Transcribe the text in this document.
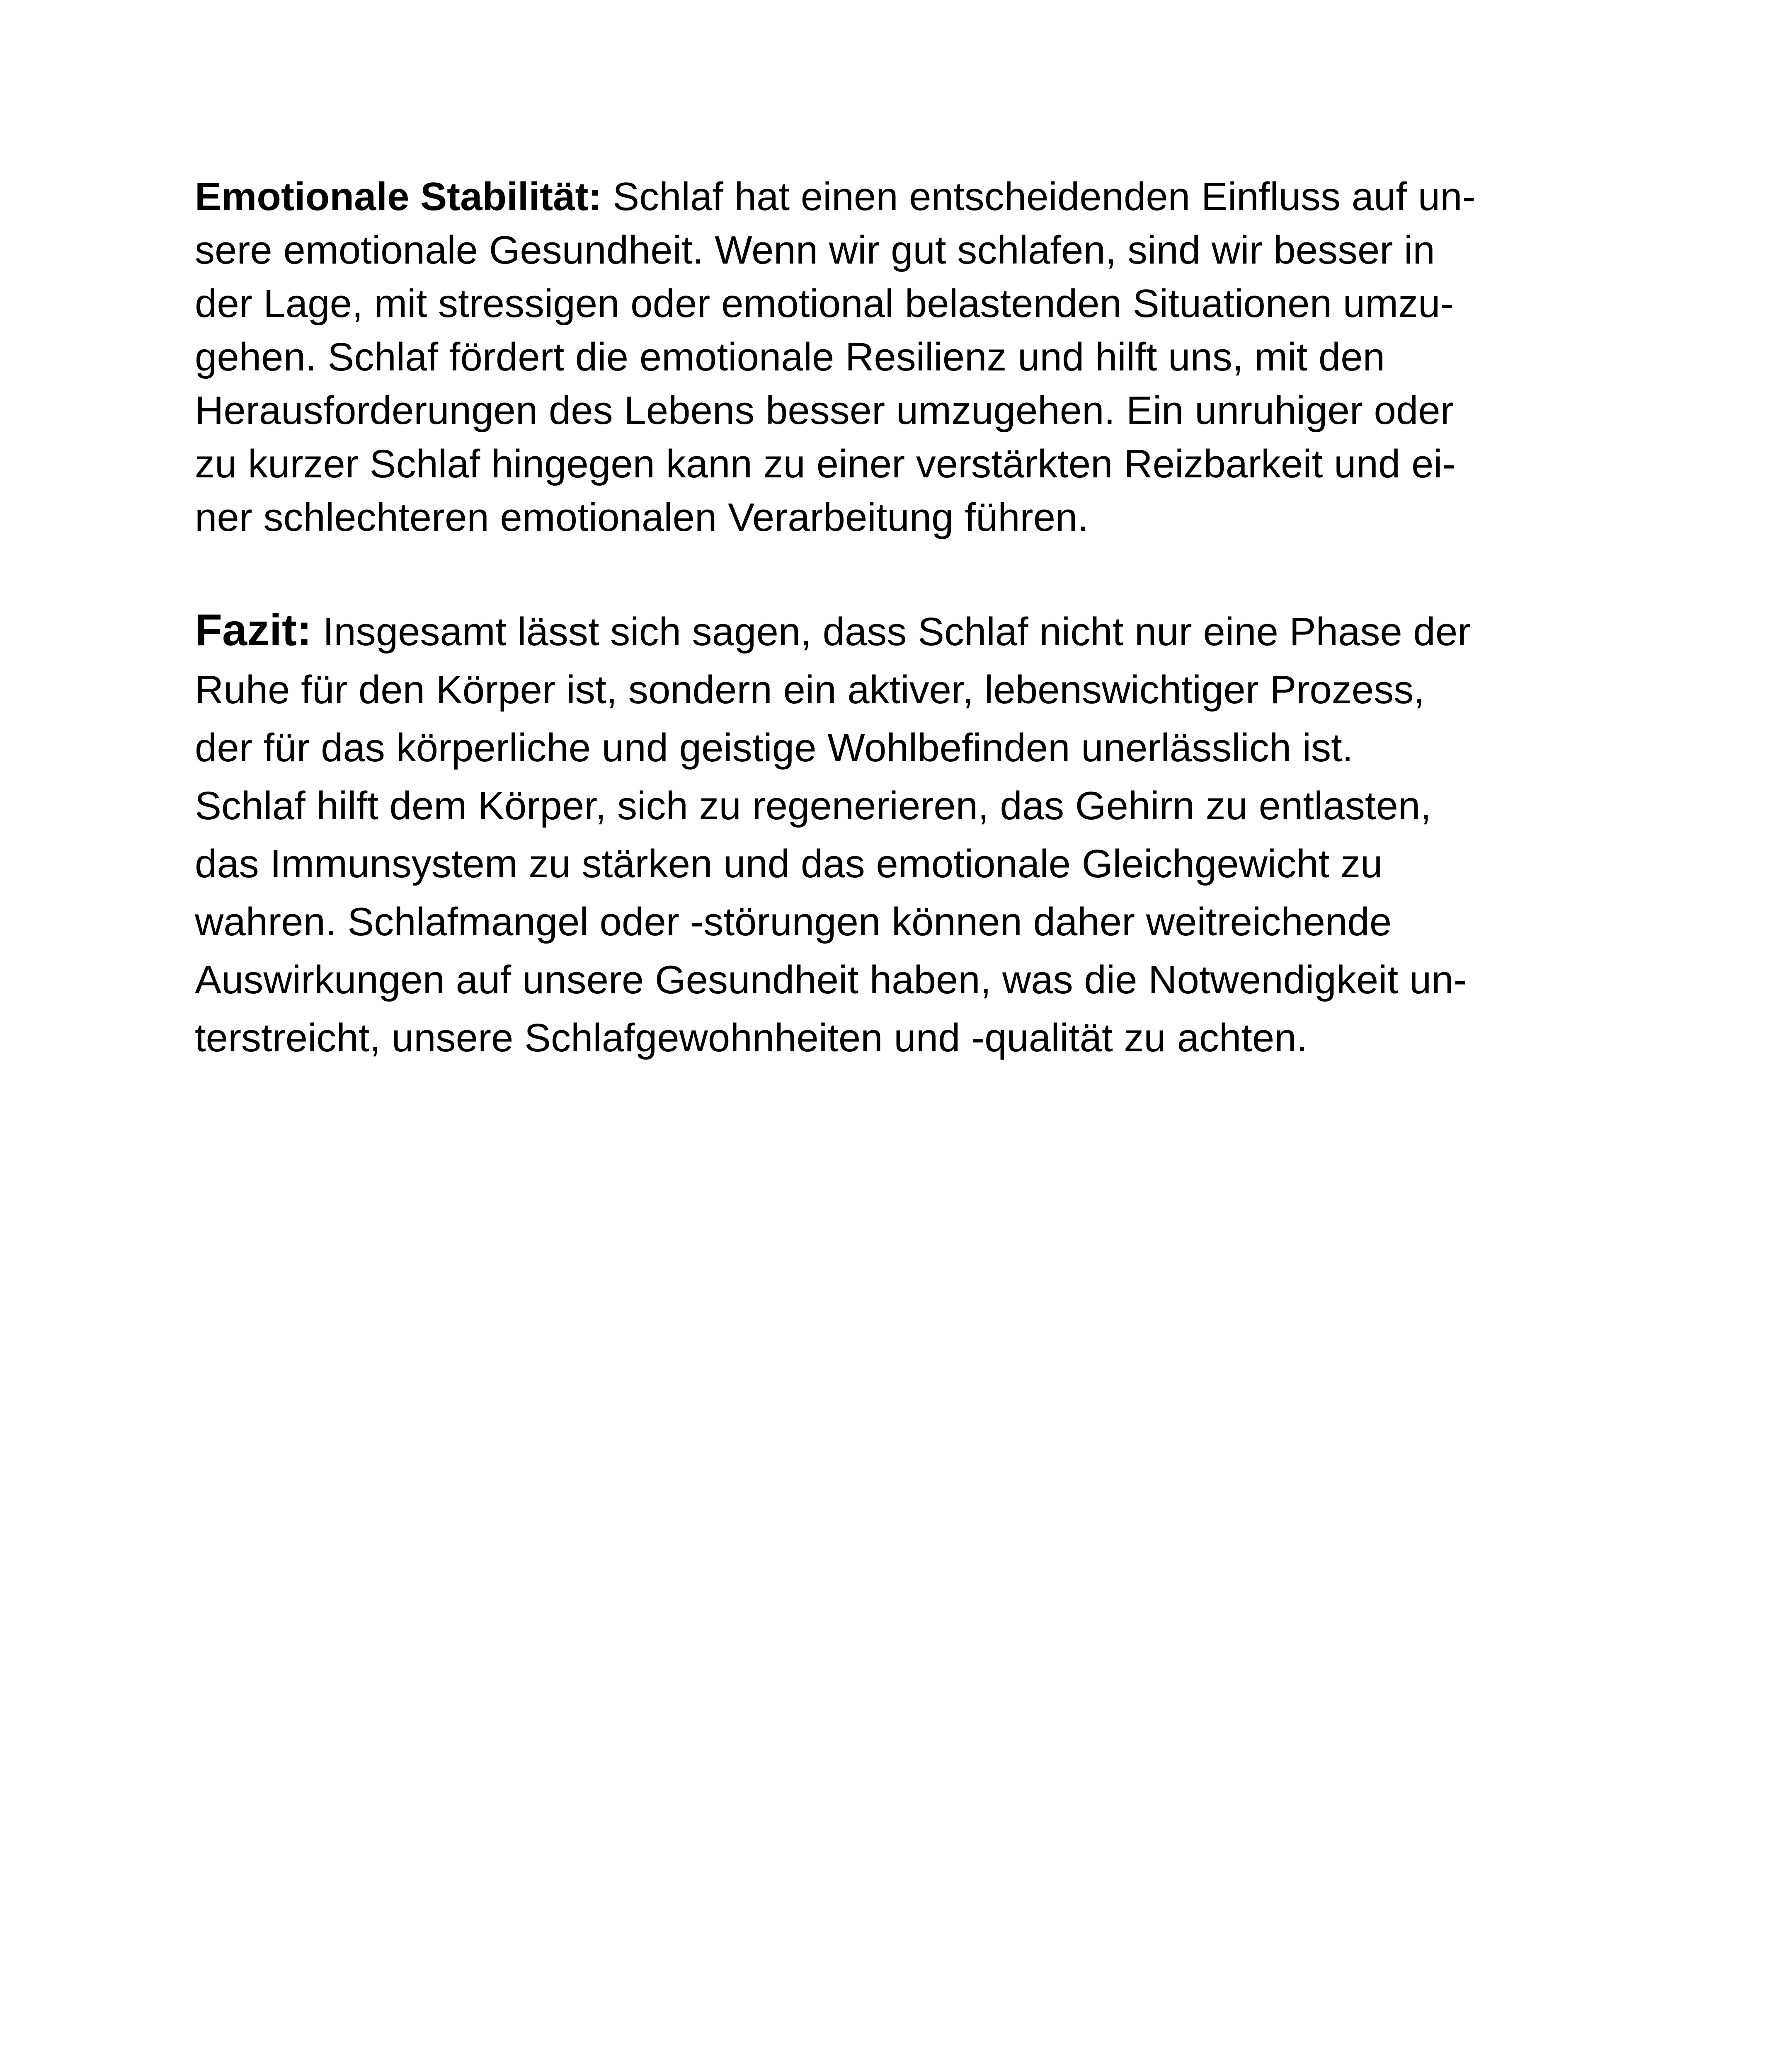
Emotionale Stabilität: Schlaf hat einen entscheidenden Einfluss auf un-
sere emotionale Gesundheit. Wenn wir gut schlafen, sind wir besser in
der Lage, mit stressigen oder emotional belastenden Situationen umzu-
gehen. Schlaf fördert die emotionale Resilienz und hilft uns, mit den
Herausforderungen des Lebens besser umzugehen. Ein unruhiger oder
zu kurzer Schlaf hingegen kann zu einer verstärkten Reizbarkeit und ei-
ner schlechteren emotionalen Verarbeitung führen.
Fazit: Insgesamt lässt sich sagen, dass Schlaf nicht nur eine Phase der
Ruhe für den Körper ist, sondern ein aktiver, lebenswichtiger Prozess,
der für das körperliche und geistige Wohlbefinden unerlässlich ist.
Schlaf hilft dem Körper, sich zu regenerieren, das Gehirn zu entlasten,
das Immunsystem zu stärken und das emotionale Gleichgewicht zu
wahren. Schlafmangel oder -störungen können daher weitreichende
Auswirkungen auf unsere Gesundheit haben, was die Notwendigkeit un-
terstreicht, unsere Schlafgewohnheiten und -qualität zu achten.
